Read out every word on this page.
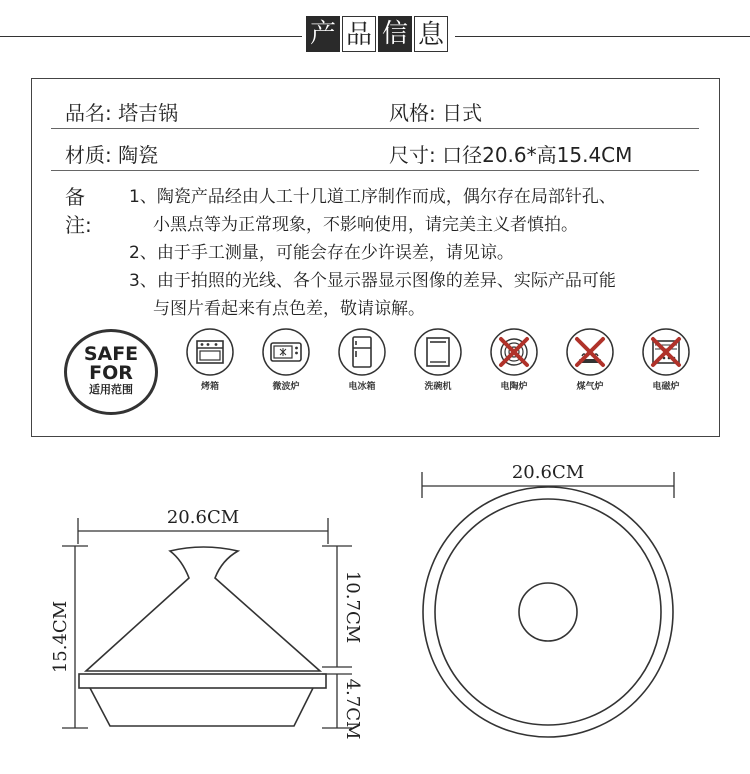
产 品 信 息
品名: 塔吉锅	风格: 日式
材质: 陶瓷	尺寸: 口径20.6*高15.4CM
备注:
1、陶瓷产品经由人工十几道工序制作而成，偶尔存在局部针孔、
小黑点等为正常现象，不影响使用，请完美主义者慎拍。
2、由于手工测量，可能会存在少许误差，请见谅。
3、由于拍照的光线、各个显示器显示图像的差异、实际产品可能
与图片看起来有点色差，敬请谅解。
SAFE
FOR
适用范围	烤箱	微波炉	电冰箱	洗碗机	电陶炉	煤气炉	电磁炉
20.6CM
20.6CM
15.4CM	10.7CM
4.7CM
